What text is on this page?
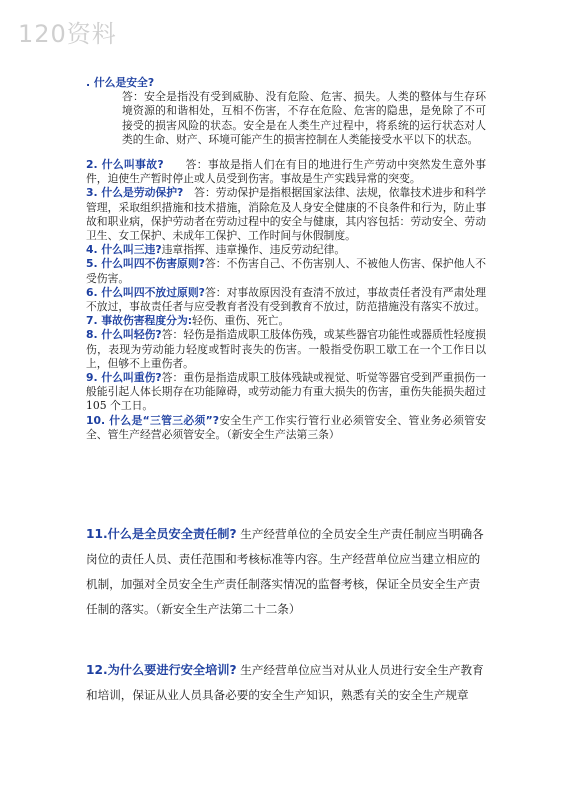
120资料

. 什么是安全?

答：安全是指没有受到威胁、没有危险、危害、损失。人类的整体与生存环境资源的和谐相处，互相不伤害，不存在危险、危害的隐患，是免除了不可接受的损害风险的状态。安全是在人类生产过程中，将系统的运行状态对人类的生命、财产、环境可能产生的损害控制在人类能接受水平以下的状态。

2. 什么叫事故?   答：事故是指人们在有目的地进行生产劳动中突然发生意外事件，迫使生产暂时停止或人员受到伤害。事故是生产实践异常的突变。

3. 什么是劳动保护?  答：劳动保护是指根据国家法律、法规，依靠技术进步和科学管理，采取组织措施和技术措施，消除危及人身安全健康的不良条件和行为，防止事故和职业病，保护劳动者在劳动过程中的安全与健康，其内容包括：劳动安全、劳动卫生、女工保护、未成年工保护、工作时间与休假制度。

4. 什么叫三违?违章指挥、违章操作、违反劳动纪律。

5. 什么叫四不伤害原则?答：不伤害自己、不伤害别人、不被他人伤害、保护他人不受伤害。

6. 什么叫四不放过原则?答：对事故原因没有查清不放过，事故责任者没有严肃处理不放过，事故责任者与应受教育者没有受到教育不放过，防范措施没有落实不放过。

7. 事故伤害程度分为:轻伤、重伤、死亡。

8. 什么叫轻伤?答：轻伤是指造成职工肢体伤残，或某些器官功能性或器质性轻度损伤，表现为劳动能力轻度或暂时丧失的伤害。一般指受伤职工歇工在一个工作日以上，但够不上重伤者。

9. 什么叫重伤?答：重伤是指造成职工肢体残缺或视觉、听觉等器官受到严重损伤一般能引起人体长期存在功能障碍，或劳动能力有重大损失的伤害，重伤失能损失超过 105 个工日。

10. 什么是“三管三必须”?安全生产工作实行管行业必须管安全、管业务必须管安全、管生产经营必须管安全。（新安全生产法第三条）

11.什么是全员安全责任制? 生产经营单位的全员安全生产责任制应当明确各岗位的责任人员、责任范围和考核标准等内容。生产经营单位应当建立相应的机制，加强对全员安全生产责任制落实情况的监督考核，保证全员安全生产责任制的落实。（新安全生产法第二十二条）

12.为什么要进行安全培训? 生产经营单位应当对从业人员进行安全生产教育和培训，保证从业人员具备必要的安全生产知识，熟悉有关的安全生产规章
